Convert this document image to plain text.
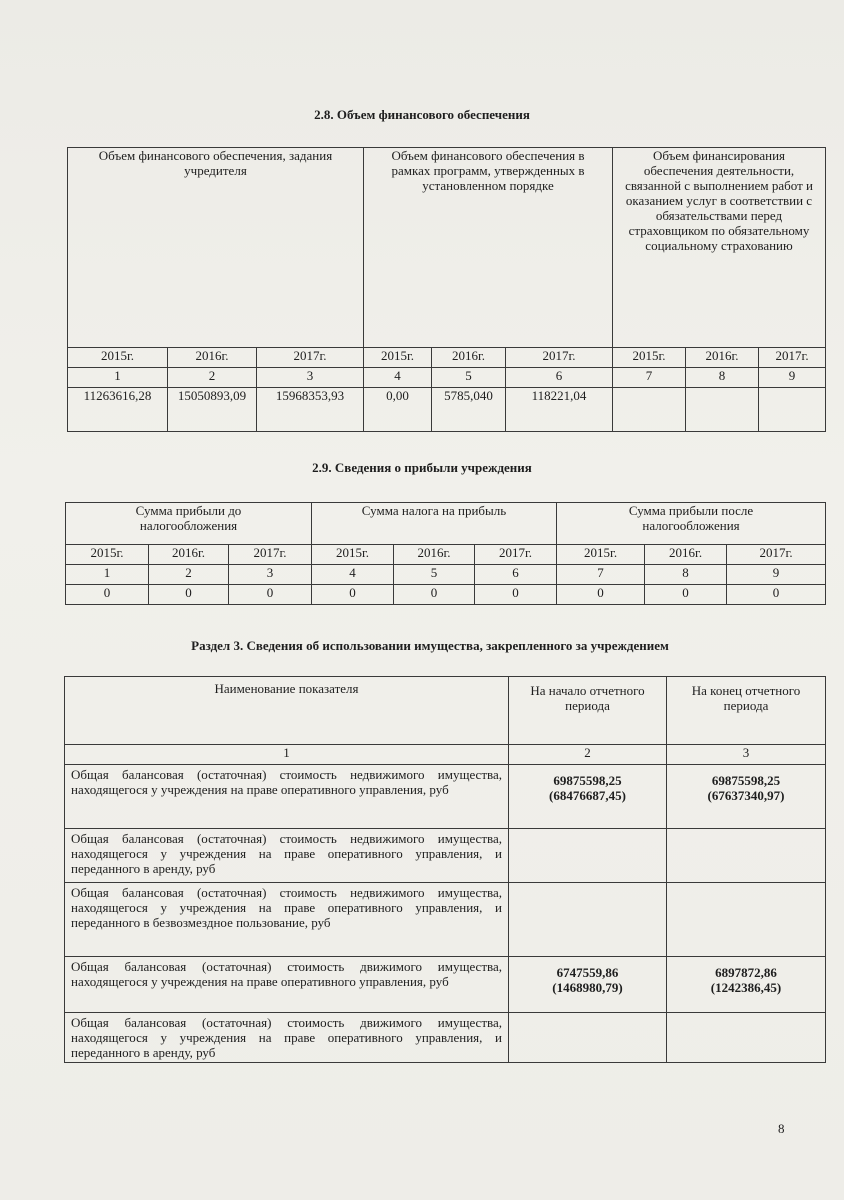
2.8. Объем финансового обеспечения
Объем финансового обеспечения, задания учредителя			Объем финансового обеспечения в рамках программ, утвержденных в установленном порядке			Объем финансирования обеспечения деятельности, связанной с выполнением работ и оказанием услуг в соответствии с обязательствами перед страховщиком по обязательному социальному страхованию		
2015г.	2016г.	2017г.	2015г.	2016г.	2017г.	2015г.	2016г.	2017г.
1	2	3	4	5	6	7	8	9
11263616,28	15050893,09	15968353,93	0,00	5785,040	118221,04			
2.9. Сведения о прибыли учреждения
Сумма прибыли до налогообложения			Сумма налога на прибыль			Сумма прибыли после налогообложения		
2015г.	2016г.	2017г.	2015г.	2016г.	2017г.	2015г.	2016г.	2017г.
1	2	3	4	5	6	7	8	9
0	0	0	0	0	0	0	0	0
Раздел 3. Сведения об использовании имущества, закрепленного за учреждением
Наименование показателя	На начало отчетного периода	На конец отчетного периода
1	2	3
Общая балансовая (остаточная) стоимость недвижимого имущества, находящегося у учреждения на праве оперативного управления, руб	69875598,25 (68476687,45)	69875598,25 (67637340,97)
Общая балансовая (остаточная) стоимость недвижимого имущества, находящегося у учреждения на праве оперативного управления, и переданного в аренду, руб		
Общая балансовая (остаточная) стоимость недвижимого имущества, находящегося у учреждения на праве оперативного управления, и переданного в безвозмездное пользование, руб		
Общая балансовая (остаточная) стоимость движимого имущества, находящегося у учреждения на праве оперативного управления, руб	6747559,86 (1468980,79)	6897872,86 (1242386,45)
Общая балансовая (остаточная) стоимость движимого имущества, находящегося у учреждения на праве оперативного управления, и переданного в аренду, руб		
8
